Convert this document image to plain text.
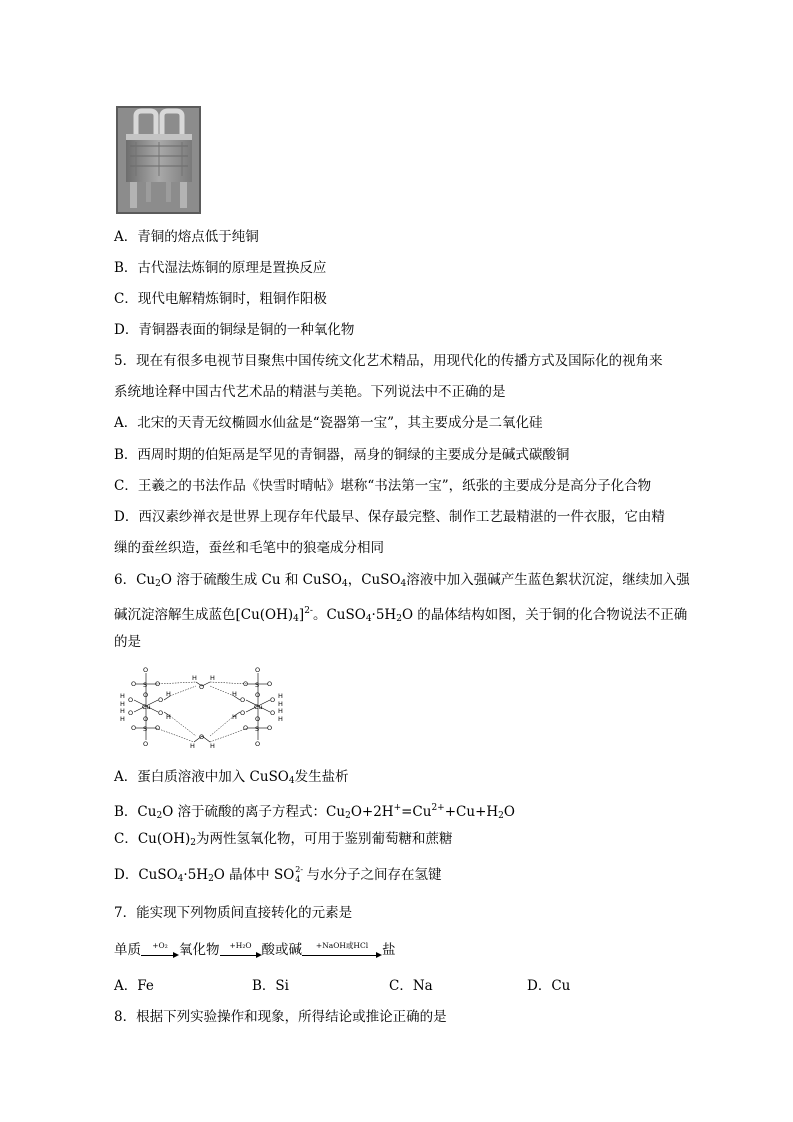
A．青铜的熔点低于纯铜
B．古代湿法炼铜的原理是置换反应
C．现代电解精炼铜时，粗铜作阳极
D．青铜器表面的铜绿是铜的一种氧化物
5．现在有很多电视节目聚焦中国传统文化艺术精品，用现代化的传播方式及国际化的视角来
系统地诠释中国古代艺术品的精湛与美艳。下列说法中不正确的是
A．北宋的天青无纹椭圆水仙盆是“瓷器第一宝”，其主要成分是二氧化硅
B．西周时期的伯矩鬲是罕见的青铜器，鬲身的铜绿的主要成分是碱式碳酸铜
C．王羲之的书法作品《快雪时晴帖》堪称“书法第一宝”，纸张的主要成分是高分子化合物
D．西汉素纱禅衣是世界上现存年代最早、保存最完整、制作工艺最精湛的一件衣服，它由精
缫的蚕丝织造，蚕丝和毛笔中的狼毫成分相同
6．$Cu_2O$ 溶于硫酸生成 Cu 和 CuSO$_4$，CuSO$_4$溶液中加入强碱产生蓝色絮状沉淀，继续加入强
碱沉淀溶解生成蓝色$[Cu(OH)_4]^{2-}$。$CuSO_4\cdot 5H_2O$ 的晶体结构如图，关于铜的化合物说法不正确
的是
Cu	Cu
O
S
O	O
O
O
S
O	O
O
O
S
O	O
O
O
S
O	O
O
O
H H
O
H H
O
H
H
O
H
H
O
H
O H
O H
H
O H
H
O
H
O
H
A．蛋白质溶液中加入 CuSO$_4$发生盐析
B．$Cu_2O$ 溶于硫酸的离子方程式：$Cu_2O+2H^+=Cu^{2+}+Cu+H_2O$
C．$Cu(OH)_2$为两性氢氧化物，可用于鉴别葡萄糖和蔗糖
D．$CuSO_4\cdot 5H_2O$ 晶体中 SO 2-
4 与水分子之间存在氢键
7．能实现下列物质间直接转化的元素是
单质	+O₂ 氧化物	+H₂O 酸或碱	+NaOH或HCl	盐
A．Fe	B．Si	C．Na	D．Cu
8．根据下列实验操作和现象，所得结论或推论正确的是
